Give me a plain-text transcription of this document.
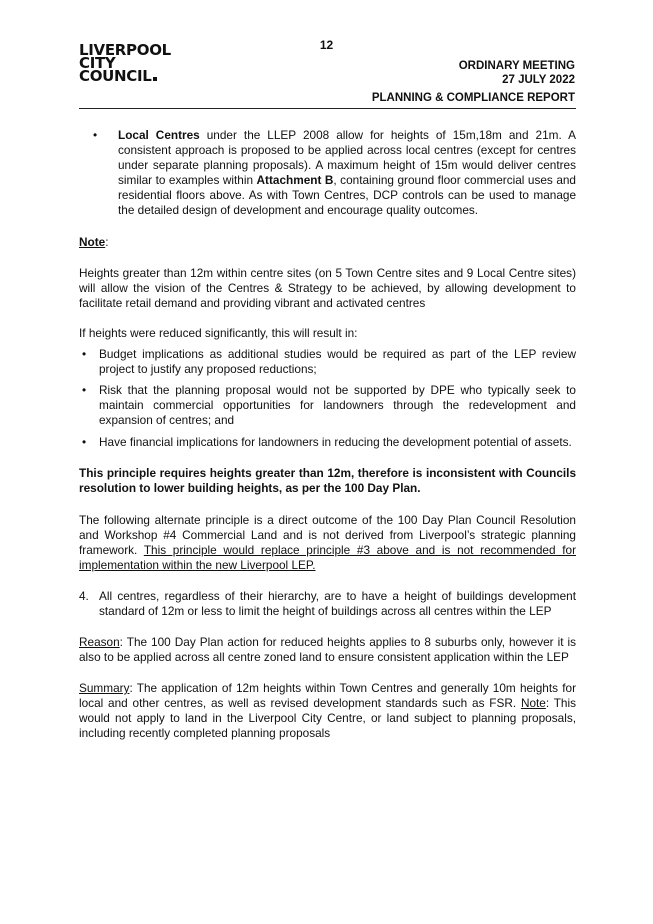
12
LIVERPOOL
CITY
COUNCIL
ORDINARY MEETING
27 JULY 2022
PLANNING & COMPLIANCE REPORT
• Local Centres under the LLEP 2008 allow for heights of 15m,18m and 21m. A consistent approach is proposed to be applied across local centres (except for centres under separate planning proposals). A maximum height of 15m would deliver centres similar to examples within Attachment B, containing ground floor commercial uses and residential floors above. As with Town Centres, DCP controls can be used to manage the detailed design of development and encourage quality outcomes.

Note:

Heights greater than 12m within centre sites (on 5 Town Centre sites and 9 Local Centre sites) will allow the vision of the Centres & Strategy to be achieved, by allowing development to facilitate retail demand and providing vibrant and activated centres

If heights were reduced significantly, this will result in:

• Budget implications as additional studies would be required as part of the LEP review project to justify any proposed reductions;
• Risk that the planning proposal would not be supported by DPE who typically seek to maintain commercial opportunities for landowners through the redevelopment and expansion of centres; and
• Have financial implications for landowners in reducing the development potential of assets.

This principle requires heights greater than 12m, therefore is inconsistent with Councils resolution to lower building heights, as per the 100 Day Plan.

The following alternate principle is a direct outcome of the 100 Day Plan Council Resolution and Workshop #4 Commercial Land and is not derived from Liverpool’s strategic planning framework. This principle would replace principle #3 above and is not recommended for implementation within the new Liverpool LEP.

4. All centres, regardless of their hierarchy, are to have a height of buildings development standard of 12m or less to limit the height of buildings across all centres within the LEP

Reason: The 100 Day Plan action for reduced heights applies to 8 suburbs only, however it is also to be applied across all centre zoned land to ensure consistent application within the LEP

Summary: The application of 12m heights within Town Centres and generally 10m heights for local and other centres, as well as revised development standards such as FSR. Note: This would not apply to land in the Liverpool City Centre, or land subject to planning proposals, including recently completed planning proposals
